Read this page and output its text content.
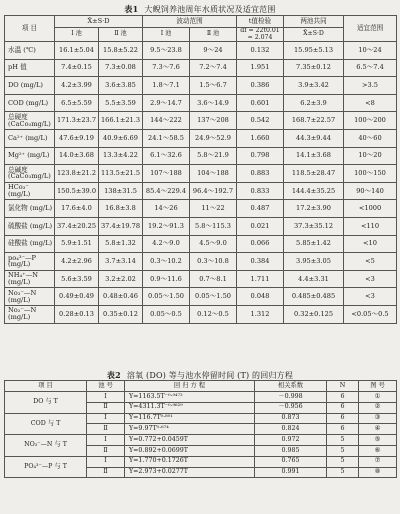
表1 大鲵饲养池周年水质状况及适宜范围
项 目	X̄±S·D		波动范围		t值检验	两池共同	适宜范围
	I 池	Ⅱ 池	I 池	Ⅱ 池	df = 22t0.01 = 2.074	X̄±S·D	
水温 (℃)	16.1±5.04	15.8±5.22	9.5～23.8	9～24	0.132	15.95±5.13	10～24
pH 值	7.4±0.15	7.3±0.08	7.3～7.6	7.2～7.4	1.951	7.35±0.12	6.5～7.4
DO (mg/L)	4.2±3.99	3.6±3.85	1.8～7.1	1.5～6.7	0.386	3.9±3.42	>3.5
COD (mg/L)	6.5±5.59	5.5±3.59	2.9～14.7	3.6～14.9	0.601	6.2±3.9	<8
总硬度 (CaCo₃mg/L)	171.3±23.7	166.1±21.3	144～222	137～208	0.542	168.7±22.57	100～200
Ca²⁺ (mg/L)	47.6±9.19	40.9±6.69	24.1～58.5	24.9～52.9	1.660	44.3±9.44	40～60
Mg²⁺ (mg/L)	14.0±3.68	13.3±4.22	6.1～32.6	5.8～21.9	0.798	14.1±3.68	10～20
总碱度 (CaCo₃mg/L)	123.8±21.2	113.5±21.5	107～188	104～188	0.883	118.5±28.47	100～150
HCo₃⁻ (mg/L)	150.5±39.0	138±31.5	85.4～229.4	96.4～192.7	0.833	144.4±35.25	90～140
氯化物 (mg/L)	17.6±4.0	16.8±3.8	14～26	11～22	0.487	17.2±3.90	<1000
硫酸盐 (mg/L)	37.4±20.25	37.4±19.78	19.2～91.3	5.8～115.3	0.021	37.3±35.12	<110
硅酸盐 (mg/L)	5.9±1.51	5.8±1.32	4.2～9.0	4.5～9.0	0.066	5.85±1.42	<10
po₄³⁻—P (mg/L)	4.2±2.96	3.7±3.14	0.3～10.2	0.3～10.8	0.384	3.95±3.05	<5
NH₄⁺—N (mg/L)	5.6±3.59	3.2±2.02	0.9～11.6	0.7～8.1	1.711	4.4±3.31	<3
No₃⁻—N (mg/L)	0.49±0.49	0.48±0.46	0.05～1.50	0.05～1.50	0.048	0.485±0.485	<3
No₂⁻—N (mg/L)	0.28±0.13	0.35±0.12	0.05～0.5	0.12～0.5	1.312	0.32±0.125	<0.05～0.5
表2 溶氧 (DO) 等与池水停留时间 (T) 的回归方程
项 目	池 号	回 归 方 程	相关系数	N	图 号
DO 与 T	Ⅰ	Y=1163.5T⁻⁰·⁹⁴⁷²	－0.998	6	①
	Ⅱ	Y=4311.3T⁻⁰·⁹⁶²⁹	－0.956	6	②
COD 与 T	Ⅰ	Y=116.7T⁰·⁸⁰¹	0.873	6	③
	Ⅱ	Y=9.97T⁰·⁶⁷⁴	0.824	6	④
NO₃⁻—N 与 T	Ⅰ	Y=0.772+0.0459T	0.972	5	⑤
	Ⅱ	Y=0.892+0.0699T	0.985	5	⑥
PO₄³⁻—P 与 T	Ⅰ	Y=1.770+0.1726T	0.765	5	⑦
	Ⅱ	Y=2.973+0.0277T	0.991	5	⑧
